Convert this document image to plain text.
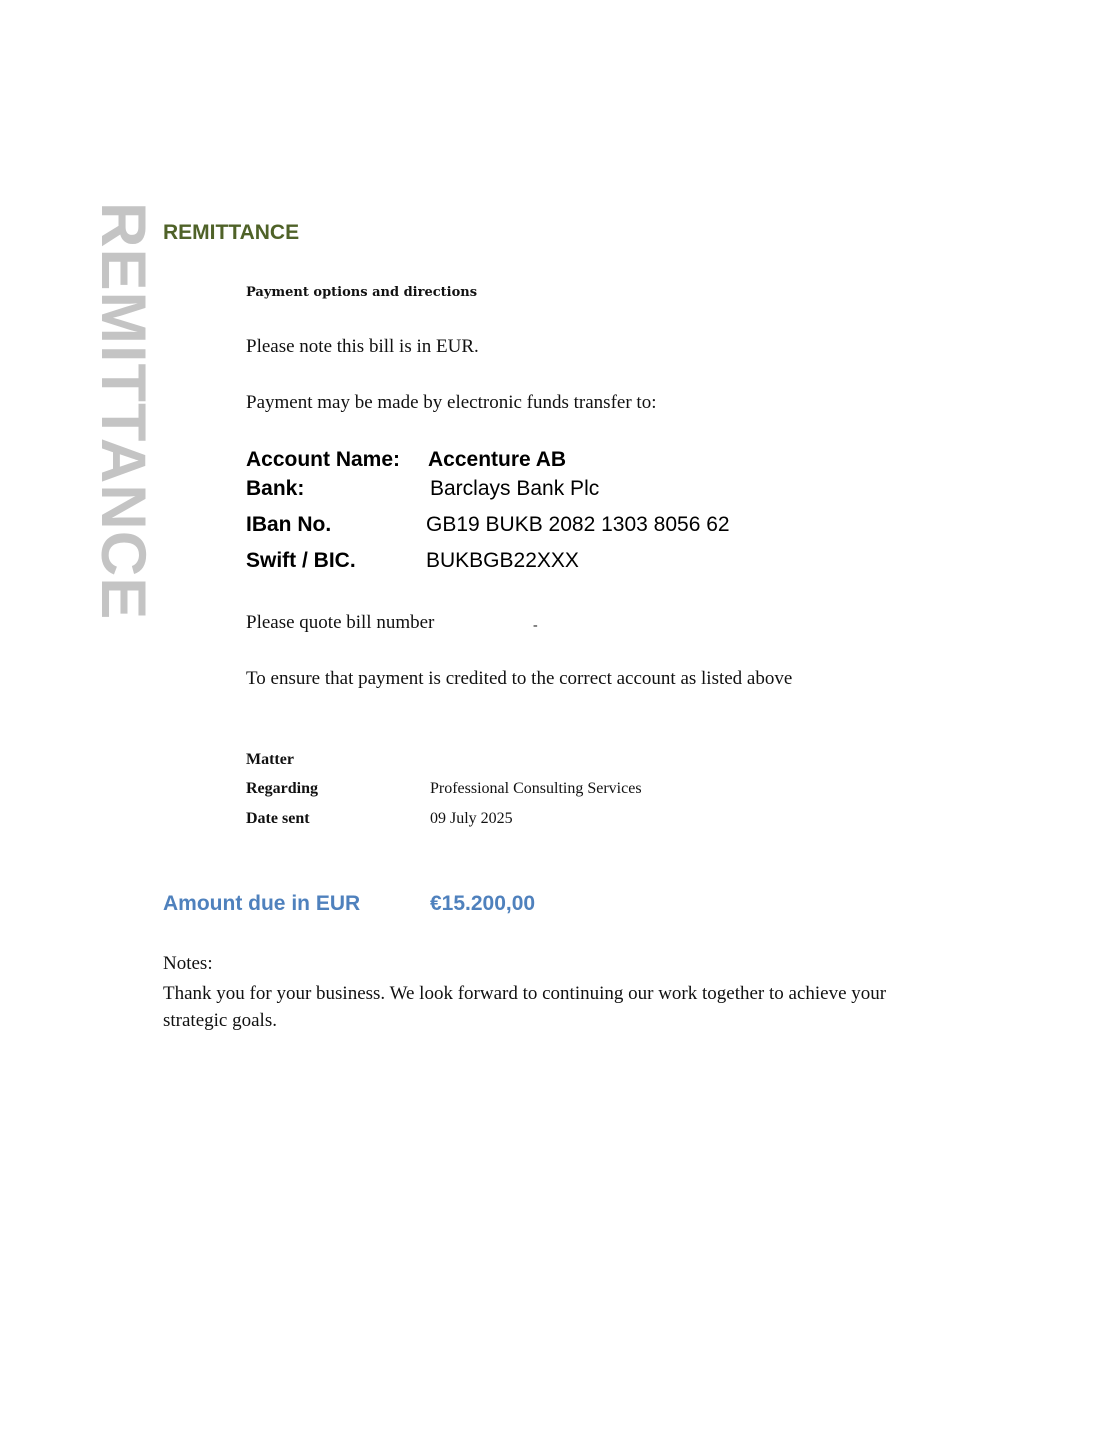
REMITTANCE REMITTANCE
Payment options and directions
Please note this bill is in EUR.
Payment may be made by electronic funds transfer to:
Account Name: Accenture AB
Bank:	Barclays Bank Plc
IBan No.	GB19 BUKB 2082 1303 8056 62
Swift / BIC.	BUKBGB22XXX
Please quote bill number	-
To ensure that payment is credited to the correct account as listed above
Matter
Regarding	Professional Consulting Services
Date sent	09 July 2025
Amount due in EUR	€15.200,00
Notes:
Thank you for your business. We look forward to continuing our work together to achieve your strategic goals.
